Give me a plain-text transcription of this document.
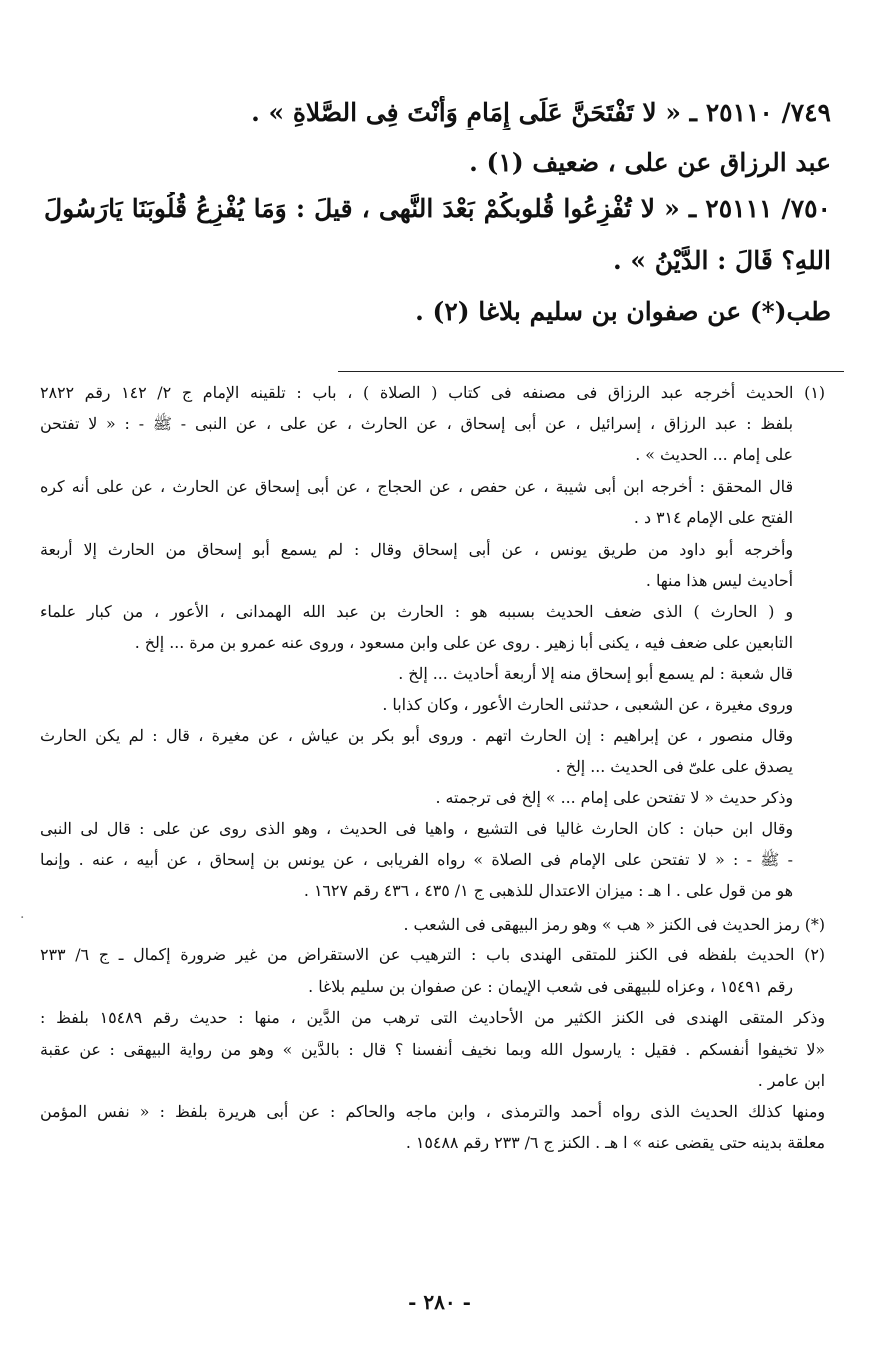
٧٤٩/ ٢٥١١٠ ـ « لا تَفْتَحَنَّ عَلَى إِمَامٍ وَأَنْتَ فِى الصَّلاةِ » .
عبد الرزاق عن على ، ضعيف (١) .
٧٥٠/ ٢٥١١١ ـ « لا تُفْزِعُوا قُلوبكُمْ بَعْدَ النَّهى ، قيلَ : وَمَا يُفْزِعُ قُلُوبَنَا يَارَسُولَ
اللهِ؟ قَالَ : الدَّيْنُ » .
طب(*) عن صفوان بن سليم بلاغا (٢) .
(١) الحديث أخرجه عبد الرزاق فى مصنفه فى كتاب ( الصلاة ) ، باب : تلقينه الإمام ج ٢/ ١٤٢ رقم ٢٨٢٢
بلفظ : عبد الرزاق ، إسرائيل ، عن أبى إسحاق ، عن الحارث ، عن على ، عن النبى - ﷺ - : « لا تفتحن
على إمام ... الحديث » .
قال المحقق : أخرجه ابن أبى شيبة ، عن حفص ، عن الحجاج ، عن أبى إسحاق عن الحارث ، عن على أنه كره
الفتح على الإمام ٣١٤ د .
وأخرجه أبو داود من طريق يونس ، عن أبى إسحاق وقال : لم يسمع أبو إسحاق من الحارث إلا أربعة
أحاديث ليس هذا منها .
و ( الحارث ) الذى ضعف الحديث بسببه هو : الحارث بن عبد الله الهمدانى ، الأعور ، من كبار علماء
التابعين على ضعف فيه ، يكنى أبا زهير . روى عن على وابن مسعود ، وروى عنه عمرو بن مرة ... إلخ .
قال شعبة : لم يسمع أبو إسحاق منه إلا أربعة أحاديث ... إلخ .
وروى مغيرة ، عن الشعبى ، حدثنى الحارث الأعور ، وكان كذابا .
وقال منصور ، عن إبراهيم : إن الحارث اتهم . وروى أبو بكر بن عياش ، عن مغيرة ، قال : لم يكن الحارث
يصدق على علىّ فى الحديث ... إلخ .
وذكر حديث « لا تفتحن على إمام ... » إلخ فى ترجمته .
وقال ابن حبان : كان الحارث غاليا فى التشيع ، واهيا فى الحديث ، وهو الذى روى عن على : قال لى النبى
- ﷺ - : « لا تفتحن على الإمام فى الصلاة » رواه الفريابى ، عن يونس بن إسحاق ، عن أبيه ، عنه . وإنما
هو من قول على . ا هـ : ميزان الاعتدال للذهبى ج ١/ ٤٣٥ ، ٤٣٦ رقم ١٦٢٧ .
(*) رمز الحديث فى الكنز « هب » وهو رمز البيهقى فى الشعب .
(٢) الحديث بلفظه فى الكنز للمتقى الهندى باب : الترهيب عن الاستقراض من غير ضرورة إكمال ـ ج ٦/ ٢٣٣
رقم ١٥٤٩١ ، وعزاه للبيهقى فى شعب الإيمان : عن صفوان بن سليم بلاغا .
وذكر المتقى الهندى فى الكنز الكثير من الأحاديث التى ترهب من الدَّين ، منها : حديث رقم ١٥٤٨٩ بلفظ :
«لا تخيفوا أنفسكم . فقيل : يارسول الله وبما نخيف أنفسنا ؟ قال : بالدَّين » وهو من رواية البيهقى : عن عقبة
ابن عامر .
ومنها كذلك الحديث الذى رواه أحمد والترمذى ، وابن ماجه والحاكم : عن أبى هريرة بلفظ : « نفس المؤمن
معلقة بدينه حتى يقضى عنه » ا هـ . الكنز ج ٦/ ٢٣٣ رقم ١٥٤٨٨ .
- ٢٨٠ -
·
